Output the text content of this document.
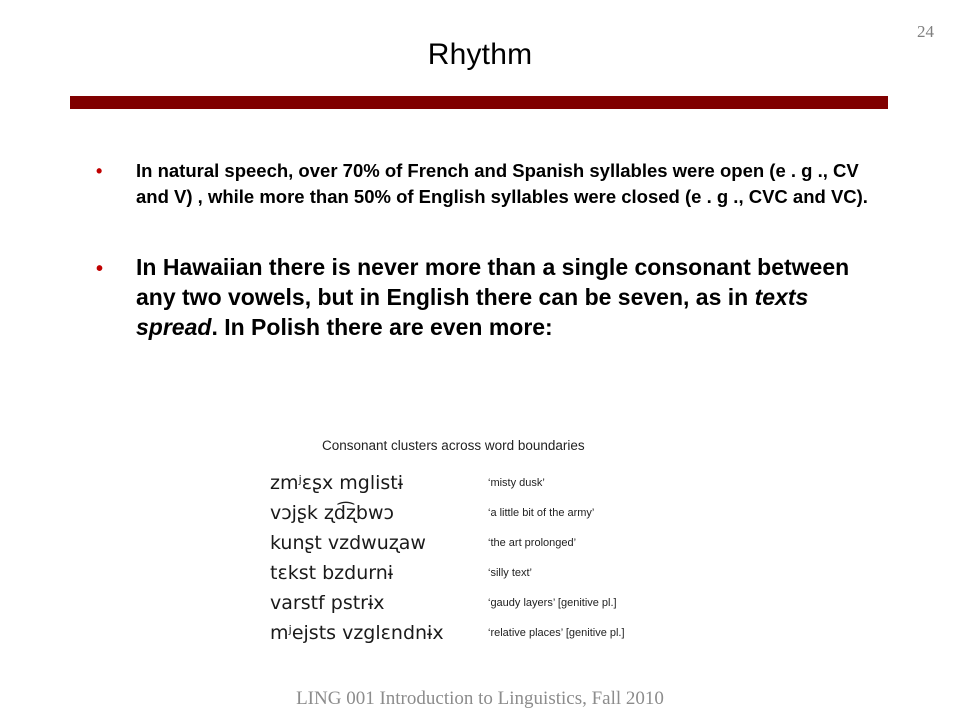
24
Rhythm
• In natural speech, over 70% of French and Spanish syllables were open (e . g ., CV and V) , while more than 50% of English syllables were closed (e . g ., CVC and VC).
• In Hawaiian there is never more than a single consonant between any two vowels, but in English there can be seven, as in texts spread. In Polish there are even more:
Consonant clusters across word boundaries
zmʲɛʂx mglistɨ	‘misty dusk’
vɔjʂk ʐd͡ʐbwɔ	‘a little bit of the army’
kunʂt vzdwuʐaw	‘the art prolonged’
tɛkst bzdurnɨ	‘silly text’
varstf pstrɨx	‘gaudy layers’ [genitive pl.]
mʲejsts vzglɛndnɨx	‘relative places’ [genitive pl.]
LING 001 Introduction to Linguistics, Fall 2010
